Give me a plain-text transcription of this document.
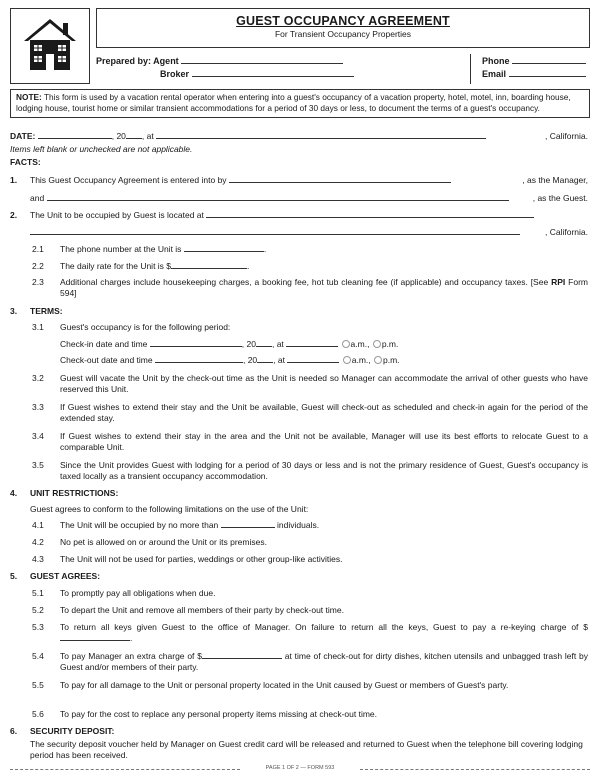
GUEST OCCUPANCY AGREEMENT
For Transient Occupancy Properties
Prepared by: Agent
Broker
Phone
Email
NOTE: This form is used by a vacation rental operator when entering into a guest's occupancy of a vacation property, hotel, motel, inn, boarding house, lodging house, tourist home or similar transient accommodations for a period of 30 days or less, to document the terms of a guest's occupancy.
DATE:	, 20 , at	, California.
Items left blank or unchecked are not applicable.
FACTS:
1. This Guest Occupancy Agreement is entered into by	, as the Manager,
and	, as the Guest.
2. The Unit to be occupied by Guest is located at
, California.
2.1 The phone number at the Unit is	.
2.2 The daily rate for the Unit is $	.
2.3 Additional charges include housekeeping charges, a booking fee, hot tub cleaning fee (if applicable) and occupancy taxes. [See RPI Form 594]
3. TERMS:
3.1 Guest's occupancy is for the following period:
Check-in date and time	, 20 , at	a.m., p.m.
Check-out date and time	, 20 , at	a.m., p.m.
3.2 Guest will vacate the Unit by the check-out time as the Unit is needed so Manager can accommodate the arrival of other guests who have reserved this Unit.
3.3 If Guest wishes to extend their stay and the Unit be available, Guest will check-out as scheduled and check-in again for the period of the extended stay.
3.4 If Guest wishes to extend their stay in the area and the Unit not be available, Manager will use its best efforts to relocate Guest to a comparable Unit.
3.5 Since the Unit provides Guest with lodging for a period of 30 days or less and is not the primary residence of Guest, Guest's occupancy is taxed locally as a transient occupancy accommodation.
4. UNIT RESTRICTIONS:
Guest agrees to conform to the following limitations on the use of the Unit:
4.1 The Unit will be occupied by no more than	individuals.
4.2 No pet is allowed on or around the Unit or its premises.
4.3 The Unit will not be used for parties, weddings or other group-like activities.
5. GUEST AGREES:
5.1 To promptly pay all obligations when due.
5.2 To depart the Unit and remove all members of their party by check-out time.
5.3 To return all keys given Guest to the office of Manager. On failure to return all the keys, Guest to pay a re-keying charge of $.
5.4 To pay Manager an extra charge of $	at time of check-out for dirty dishes, kitchen utensils and unbagged trash left by Guest and/or members of their party.
5.5 To pay for all damage to the Unit or personal property located in the Unit caused by Guest or members of Guest's party.
5.6 To pay for the cost to replace any personal property items missing at check-out time.
6. SECURITY DEPOSIT:
The security deposit voucher held by Manager on Guest credit card will be released and returned to Guest when the telephone bill covering lodging period has been received.
PAGE 1 OF 2 — FORM 593
